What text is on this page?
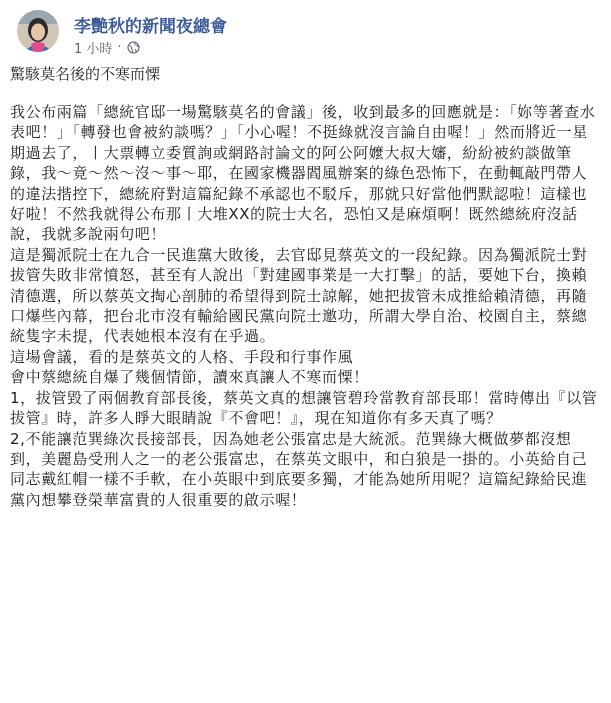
李艷秋的新聞夜總會
1 小時 ·

驚駭莫名後的不寒而慄

我公布兩篇「總統官邸一場驚駭莫名的會議」後，收到最多的回應就是：「妳等著查水表吧！」「轉發也會被約談嗎？」「小心喔！不挺綠就沒言論自由喔！」然而將近一星期過去了，丨大票轉立委質詢或網路討論文的阿公阿嬤大叔大嬸，紛紛被約談做筆錄，我～竟～然～沒～事～耶，在國家機器閻風辦案的綠色恐怖下，在動輒敲門帶人的違法揩控下，總統府對這篇紀錄不承認也不駁斥，那就只好當他們默認啦！這樣也好啦！不然我就得公布那丨大堆XX的院士大名，恐怕又是麻煩啊！既然總統府沒話說，我就多說兩句吧！

這是獨派院士在九合一民進黨大敗後，去官邸見蔡英文的一段紀錄。因為獨派院士對拔管失敗非常憤怒，甚至有人說出「對建國事業是一大打擊」的話，要她下台，換賴清德選，所以蔡英文掏心剖肺的希望得到院士諒解，她把拔管未成推給賴清德，再隨口爆些內幕，把台北市沒有輸給國民黨向院士邀功，所謂大學自治、校園自主，蔡總統隻字未提，代表她根本沒有在乎過。

這場會議，看的是蔡英文的人格、手段和行事作風

會中蔡總統自爆了幾個情節，讀來真讓人不寒而慄！

1，拔管毀了兩個教育部長後，蔡英文真的想讓管碧玲當教育部長耶！當時傳出『以管拔管』時，許多人睜大眼睛說『不會吧！』，現在知道你有多天真了嗎？

2,不能讓范巽綠次長接部長，因為她老公張富忠是大統派。范巽綠大概做夢都沒想到，美麗島受刑人之一的老公張富忠，在蔡英文眼中，和白狼是一掛的。小英給自己同志戴紅帽一樣不手軟，在小英眼中到底要多獨，才能為她所用呢？這篇紀錄給民進黨內想攀登榮華富貴的人很重要的啟示喔！
